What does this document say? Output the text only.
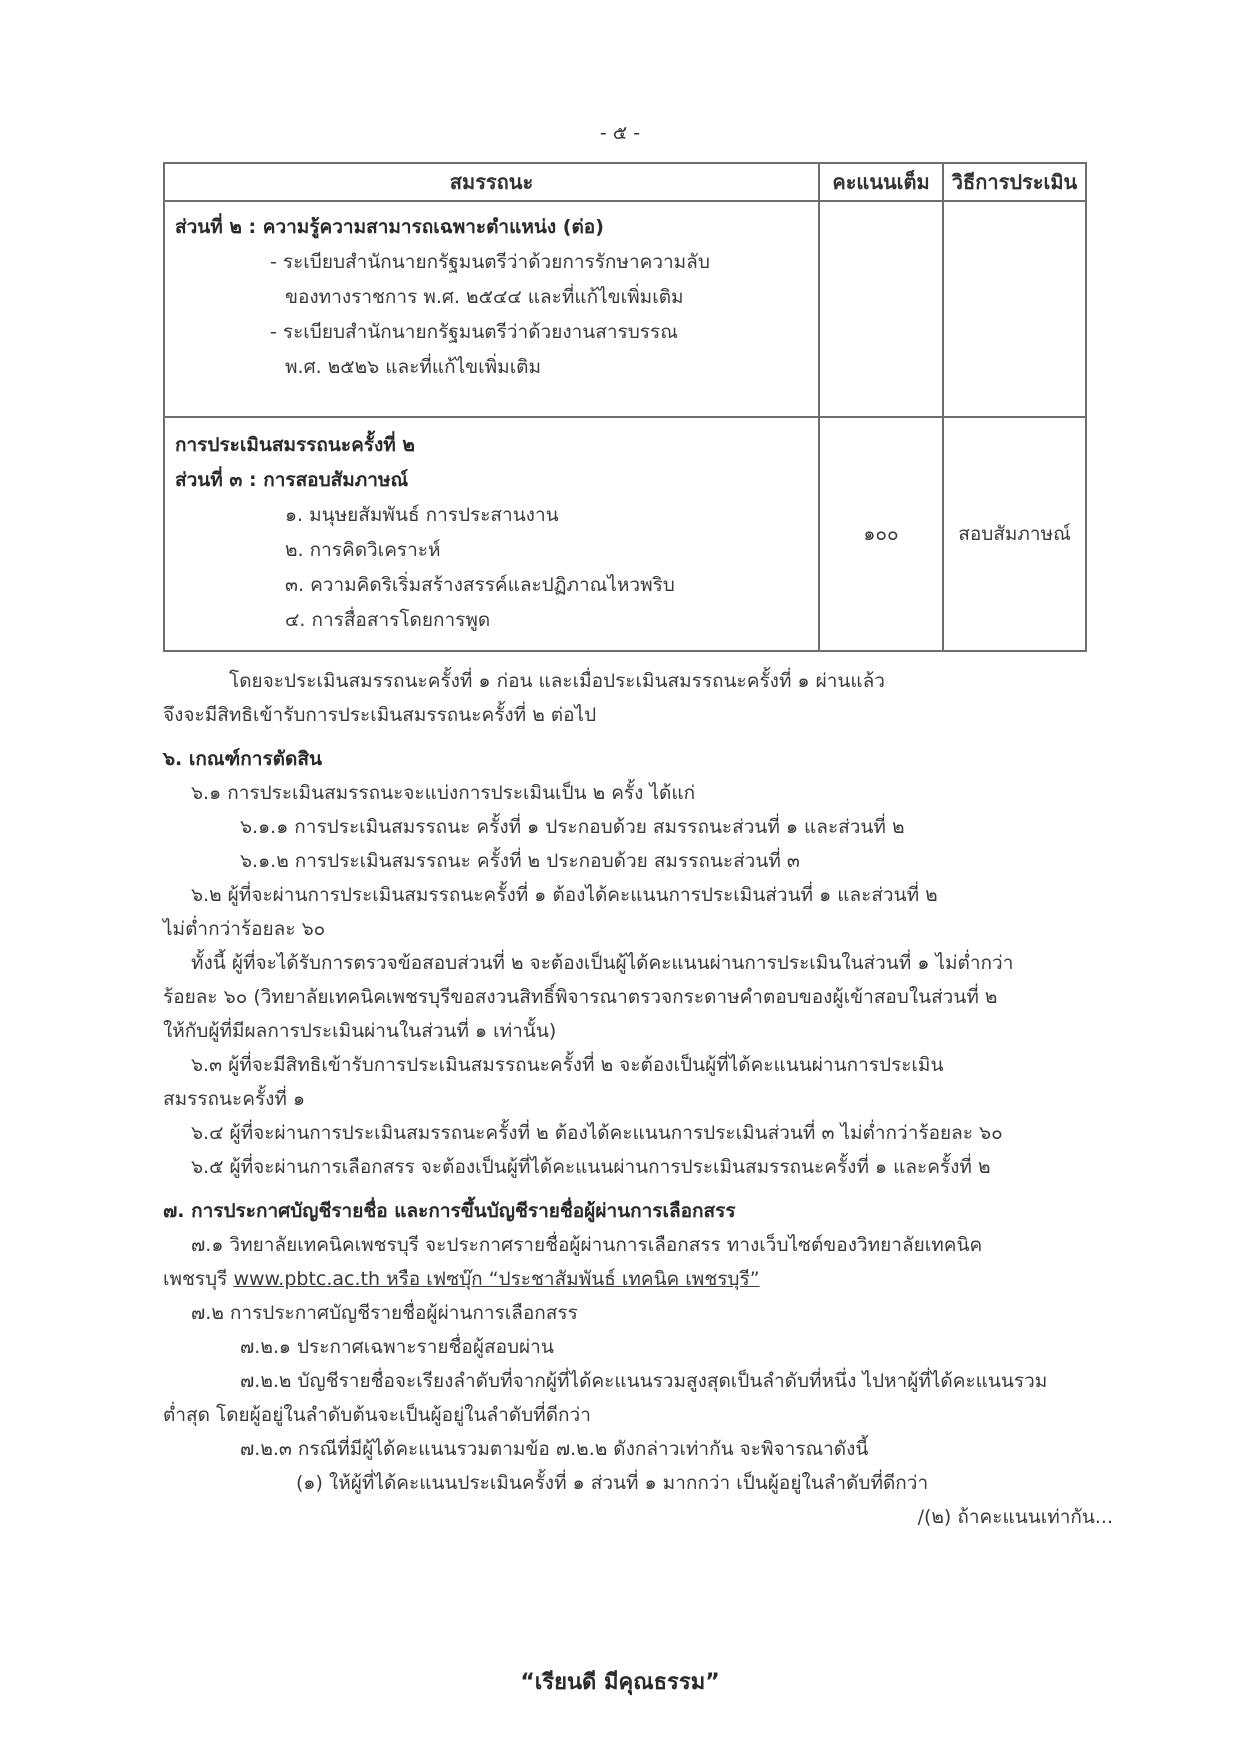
- ๕ -
สมรรถนะ	คะแนนเต็ม	วิธีการประเมิน

ส่วนที่ ๒ : ความรู้ความสามารถเฉพาะตำแหน่ง (ต่อ)
- ระเบียบสำนักนายกรัฐมนตรีว่าด้วยการรักษาความลับ
ของทางราชการ พ.ศ. ๒๕๔๔ และที่แก้ไขเพิ่มเติม
- ระเบียบสำนักนายกรัฐมนตรีว่าด้วยงานสารบรรณ
พ.ศ. ๒๕๒๖ และที่แก้ไขเพิ่มเติม		

การประเมินสมรรถนะครั้งที่ ๒
ส่วนที่ ๓ : การสอบสัมภาษณ์
๑. มนุษยสัมพันธ์ การประสานงาน
๒. การคิดวิเคราะห์
๓. ความคิดริเริ่มสร้างสรรค์และปฏิภาณไหวพริบ
๔. การสื่อสารโดยการพูด
	๑๐๐	สอบสัมภาษณ์
โดยจะประเมินสมรรถนะครั้งที่ ๑ ก่อน และเมื่อประเมินสมรรถนะครั้งที่ ๑ ผ่านแล้ว
จึงจะมีสิทธิเข้ารับการประเมินสมรรถนะครั้งที่ ๒ ต่อไป
๖. เกณฑ์การตัดสิน
๖.๑ การประเมินสมรรถนะจะแบ่งการประเมินเป็น ๒ ครั้ง ได้แก่
๖.๑.๑ การประเมินสมรรถนะ ครั้งที่ ๑ ประกอบด้วย สมรรถนะส่วนที่ ๑ และส่วนที่ ๒
๖.๑.๒ การประเมินสมรรถนะ ครั้งที่ ๒ ประกอบด้วย สมรรถนะส่วนที่ ๓
๖.๒ ผู้ที่จะผ่านการประเมินสมรรถนะครั้งที่ ๑ ต้องได้คะแนนการประเมินส่วนที่ ๑ และส่วนที่ ๒
ไม่ต่ำกว่าร้อยละ ๖๐
ทั้งนี้ ผู้ที่จะได้รับการตรวจข้อสอบส่วนที่ ๒ จะต้องเป็นผู้ได้คะแนนผ่านการประเมินในส่วนที่ ๑ ไม่ต่ำกว่า
ร้อยละ ๖๐ (วิทยาลัยเทคนิคเพชรบุรีขอสงวนสิทธิ์พิจารณาตรวจกระดาษคำตอบของผู้เข้าสอบในส่วนที่ ๒
ให้กับผู้ที่มีผลการประเมินผ่านในส่วนที่ ๑ เท่านั้น)
๖.๓ ผู้ที่จะมีสิทธิเข้ารับการประเมินสมรรถนะครั้งที่ ๒ จะต้องเป็นผู้ที่ได้คะแนนผ่านการประเมิน
สมรรถนะครั้งที่ ๑
๖.๔ ผู้ที่จะผ่านการประเมินสมรรถนะครั้งที่ ๒ ต้องได้คะแนนการประเมินส่วนที่ ๓ ไม่ต่ำกว่าร้อยละ ๖๐
๖.๕ ผู้ที่จะผ่านการเลือกสรร จะต้องเป็นผู้ที่ได้คะแนนผ่านการประเมินสมรรถนะครั้งที่ ๑ และครั้งที่ ๒
๗. การประกาศบัญชีรายชื่อ และการขึ้นบัญชีรายชื่อผู้ผ่านการเลือกสรร
๗.๑ วิทยาลัยเทคนิคเพชรบุรี จะประกาศรายชื่อผู้ผ่านการเลือกสรร ทางเว็บไซต์ของวิทยาลัยเทคนิค
เพชรบุรี www.pbtc.ac.th หรือ เฟซบุ๊ก “ประชาสัมพันธ์ เทคนิค เพชรบุรี”
๗.๒ การประกาศบัญชีรายชื่อผู้ผ่านการเลือกสรร
๗.๒.๑ ประกาศเฉพาะรายชื่อผู้สอบผ่าน
๗.๒.๒ บัญชีรายชื่อจะเรียงลำดับที่จากผู้ที่ได้คะแนนรวมสูงสุดเป็นลำดับที่หนึ่ง ไปหาผู้ที่ได้คะแนนรวม
ต่ำสุด โดยผู้อยู่ในลำดับต้นจะเป็นผู้อยู่ในลำดับที่ดีกว่า
๗.๒.๓ กรณีที่มีผู้ได้คะแนนรวมตามข้อ ๗.๒.๒ ดังกล่าวเท่ากัน จะพิจารณาดังนี้
(๑) ให้ผู้ที่ได้คะแนนประเมินครั้งที่ ๑ ส่วนที่ ๑ มากกว่า เป็นผู้อยู่ในลำดับที่ดีกว่า
/(๒) ถ้าคะแนนเท่ากัน...
“เรียนดี มีคุณธรรม”
